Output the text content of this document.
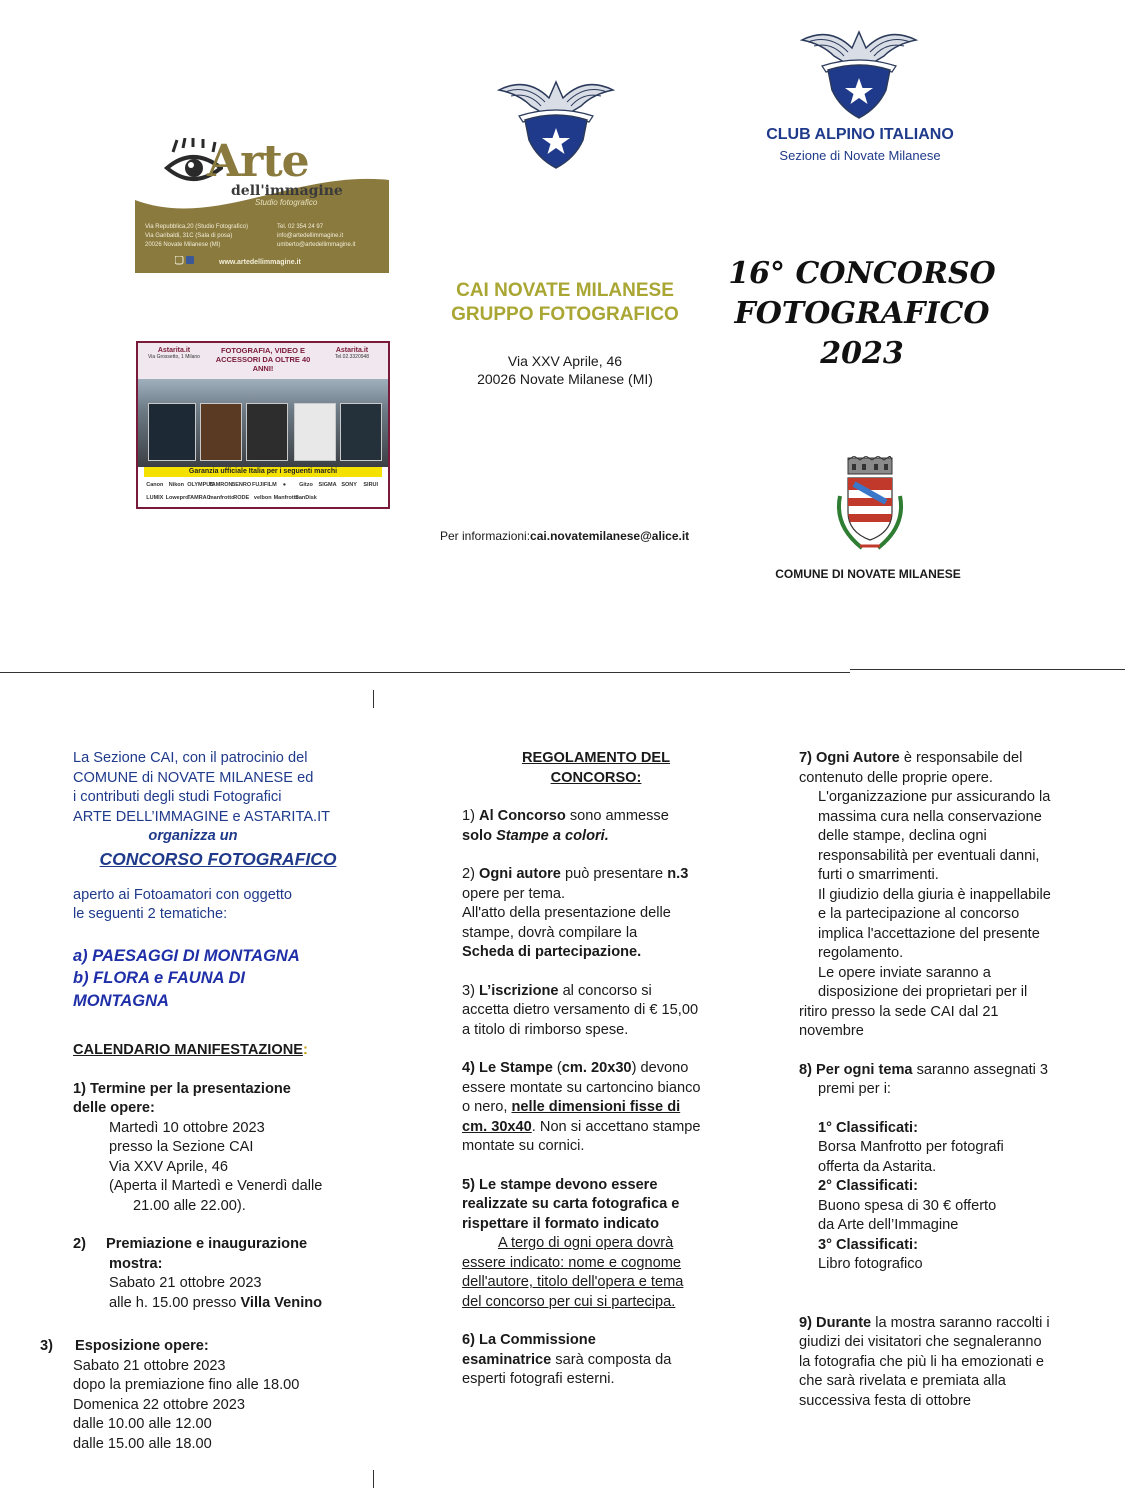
Arte
dell'immagine
Studio fotografico
Via Repubblica,20 (Studio Fotografico)
Via Garibaldi, 31C (Sala di posa)
20026 Novate Milanese (MI)
Tel. 02 354 24 97
info@artedellimmagine.it
umberto@artedellimmagine.it
www.artedellimmagine.it
Astarita.it
Via Grossetto, 1 Milano
FOTOGRAFIA, VIDEO E ACCESSORI DA OLTRE 40 ANNI!
Astarita.it
Tel.02.3320948
Garanzia ufficiale Italia per i seguenti marchi
Canon Nikon OLYMPUS
TAMRON
BENRO FUJIFILM	●	Gitzo	SIGMA SONY	SIRUI
LUMIX Lowepro
TAMRAC
manfrotto
RODE velbon Manfrotto
SanDisk
CLUB ALPINO ITALIANO
Sezione di Novate Milanese
16° CONCORSO
FOTOGRAFICO
2023
CAI NOVATE MILANESE
GRUPPO FOTOGRAFICO
Via XXV Aprile, 46
20026 Novate Milanese (MI)
Per informazioni:cai.novatemilanese@alice.it
COMUNE DI NOVATE MILANESE

La Sezione CAI, con il patrocinio del

COMUNE di NOVATE MILANESE ed

i contributi degli studi Fotografici

ARTE DELL’IMMAGINE e ASTARITA.IT

organizza un

CONCORSO FOTOGRAFICO

aperto ai Fotoamatori con oggetto

le seguenti 2 tematiche:

a) PAESAGGI DI MONTAGNA

b) FLORA e FAUNA DI

MONTAGNA

CALENDARIO MANIFESTAZIONE:

1) Termine per la presentazione

delle opere:

Martedì 10 ottobre 2023

presso la Sezione CAI

Via XXV Aprile, 46

(Aperta il Martedì e Venerdì dalle

21.00 alle 22.00).

2) Premiazione e inaugurazione

mostra:

Sabato 21 ottobre 2023

alle h. 15.00 presso Villa Venino

3) Esposizione opere:

Sabato 21 ottobre 2023

dopo la premiazione fino alle 18.00

Domenica 22 ottobre 2023

dalle 10.00 alle 12.00

dalle 15.00 alle 18.00

REGOLAMENTO DEL

CONCORSO:

1) Al Concorso sono ammesse

solo Stampe a colori.

2) Ogni autore può presentare n.3

opere per tema.

All'atto della presentazione delle

stampe, dovrà compilare la

Scheda di partecipazione.

3) L’iscrizione al concorso si

accetta dietro versamento di € 15,00

a titolo di rimborso spese.

4) Le Stampe (cm. 20x30) devono

essere montate su cartoncino bianco

o nero, nelle dimensioni fisse di

cm. 30x40. Non si accettano stampe

montate su cornici.

5) Le stampe devono essere

realizzate su carta fotografica e

rispettare il formato indicato

A tergo di ogni opera dovrà

essere indicato: nome e cognome

dell'autore, titolo dell'opera e tema

del concorso per cui si partecipa.

6) La Commissione

esaminatrice sarà composta da

esperti fotografi esterni.

7) Ogni Autore è responsabile del

contenuto delle proprie opere.

L'organizzazione pur assicurando la

massima cura nella conservazione

delle stampe, declina ogni

responsabilità per eventuali danni,

furti o smarrimenti.

Il giudizio della giuria è inappellabile

e la partecipazione al concorso

implica l'accettazione del presente

regolamento.

Le opere inviate saranno a

disposizione dei proprietari per il

ritiro presso la sede CAI dal 21

novembre

8) Per ogni tema saranno assegnati 3

premi per i:

1° Classificati:

Borsa Manfrotto per fotografi

offerta da Astarita.

2° Classificati:

Buono spesa di 30 € offerto

da Arte dell’Immagine

3° Classificati:

Libro fotografico

9) Durante la mostra saranno raccolti i

giudizi dei visitatori che segnaleranno

la fotografia che più li ha emozionati e

che sarà rivelata e premiata alla

successiva festa di ottobre
